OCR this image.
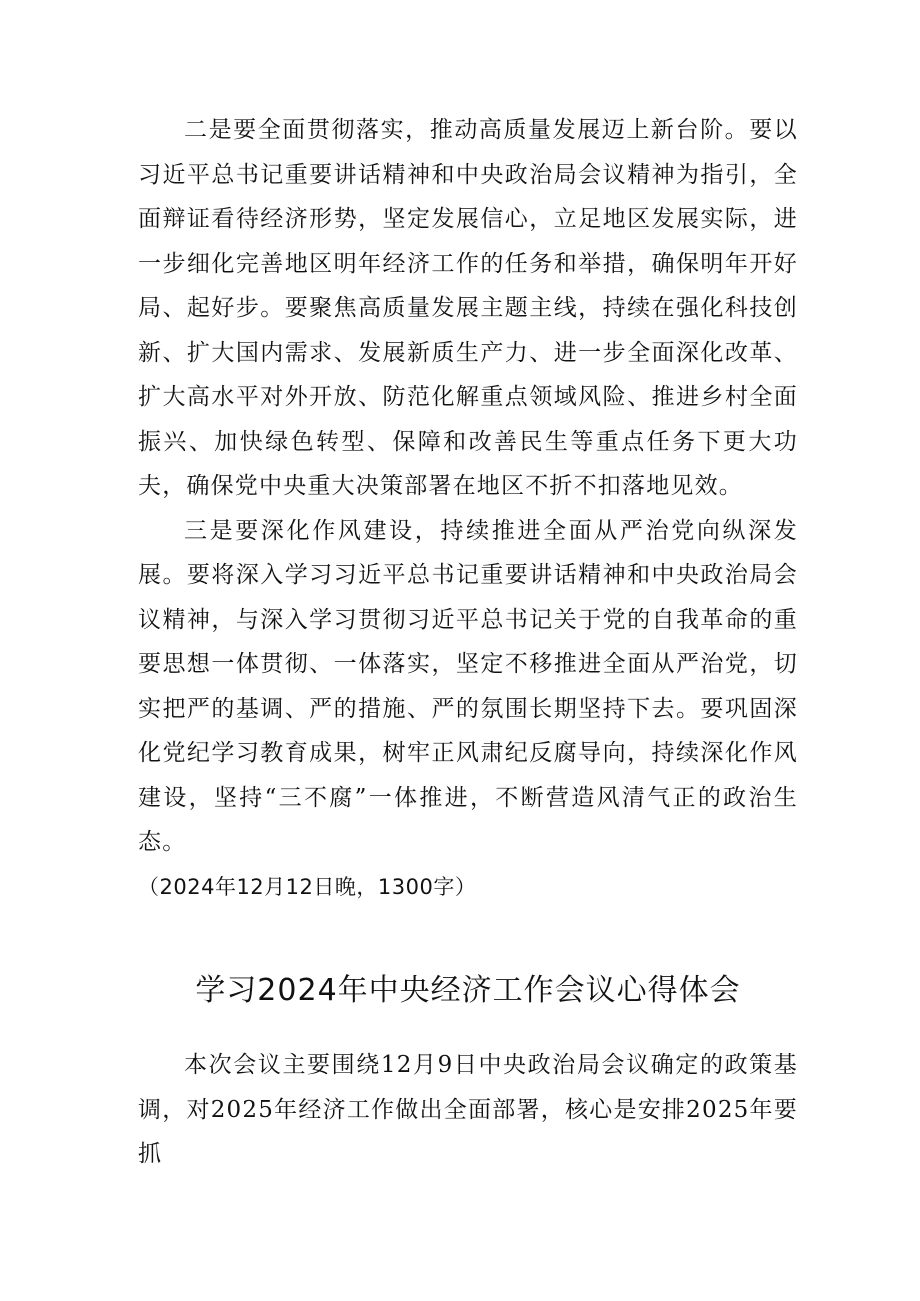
二是要全面贯彻落实，推动高质量发展迈上新台阶。要以习近平总书记重要讲话精神和中央政治局会议精神为指引，全面辩证看待经济形势，坚定发展信心，立足地区发展实际，进一步细化完善地区明年经济工作的任务和举措，确保明年开好局、起好步。要聚焦高质量发展主题主线，持续在强化科技创新、扩大国内需求、发展新质生产力、进一步全面深化改革、扩大高水平对外开放、防范化解重点领域风险、推进乡村全面振兴、加快绿色转型、保障和改善民生等重点任务下更大功夫，确保党中央重大决策部署在地区不折不扣落地见效。

三是要深化作风建设，持续推进全面从严治党向纵深发展。要将深入学习习近平总书记重要讲话精神和中央政治局会议精神，与深入学习贯彻习近平总书记关于党的自我革命的重要思想一体贯彻、一体落实，坚定不移推进全面从严治党，切实把严的基调、严的措施、严的氛围长期坚持下去。要巩固深化党纪学习教育成果，树牢正风肃纪反腐导向，持续深化作风建设，坚持“三不腐”一体推进，不断营造风清气正的政治生态。

（2024年12月12日晚，1300字）

学习2024年中央经济工作会议心得体会

本次会议主要围绕12月9日中央政治局会议确定的政策基调，对2025年经济工作做出全面部署，核心是安排2025年要抓
